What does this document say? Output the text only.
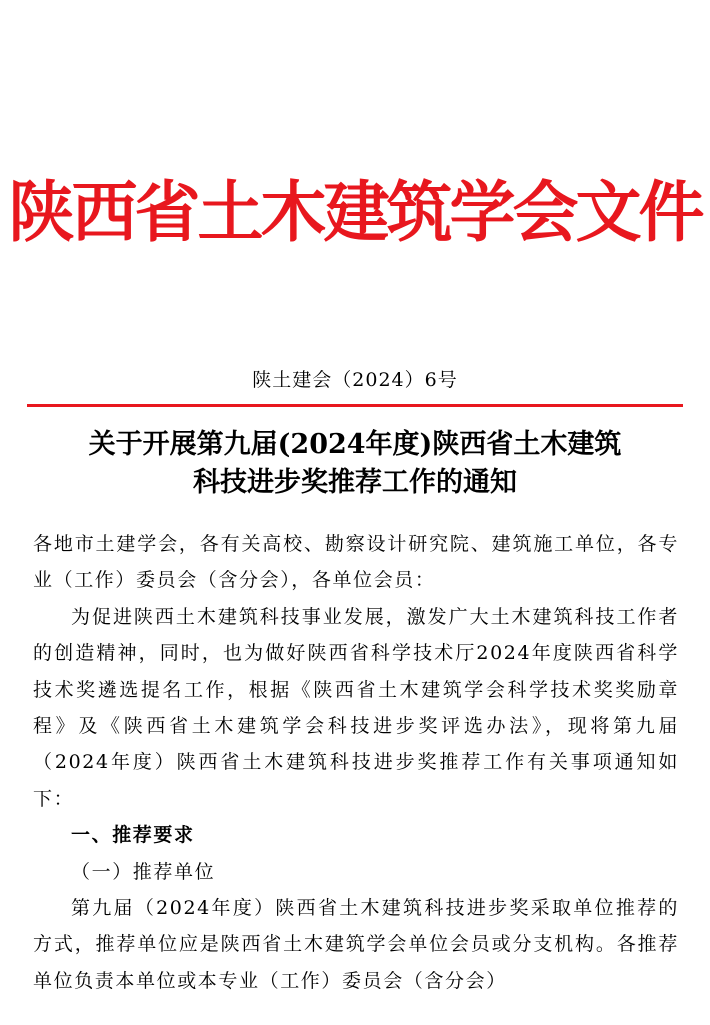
陕西省土木建筑学会文件
陕土建会（2024）6号
关于开展第九届(2024年度)陕西省土木建筑
科技进步奖推荐工作的通知

各地市土建学会，各有关高校、勘察设计研究院、建筑施工单位，各专业（工作）委员会（含分会），各单位会员：

为促进陕西土木建筑科技事业发展，激发广大土木建筑科技工作者的创造精神，同时，也为做好陕西省科学技术厅2024年度陕西省科学技术奖遴选提名工作，根据《陕西省土木建筑学会科学技术奖奖励章程》及《陕西省土木建筑学会科技进步奖评选办法》，现将第九届（2024年度）陕西省土木建筑科技进步奖推荐工作有关事项通知如下：

一、推荐要求

（一）推荐单位

第九届（2024年度）陕西省土木建筑科技进步奖采取单位推荐的方式，推荐单位应是陕西省土木建筑学会单位会员或分支机构。各推荐单位负责本单位或本专业（工作）委员会（含分会）
